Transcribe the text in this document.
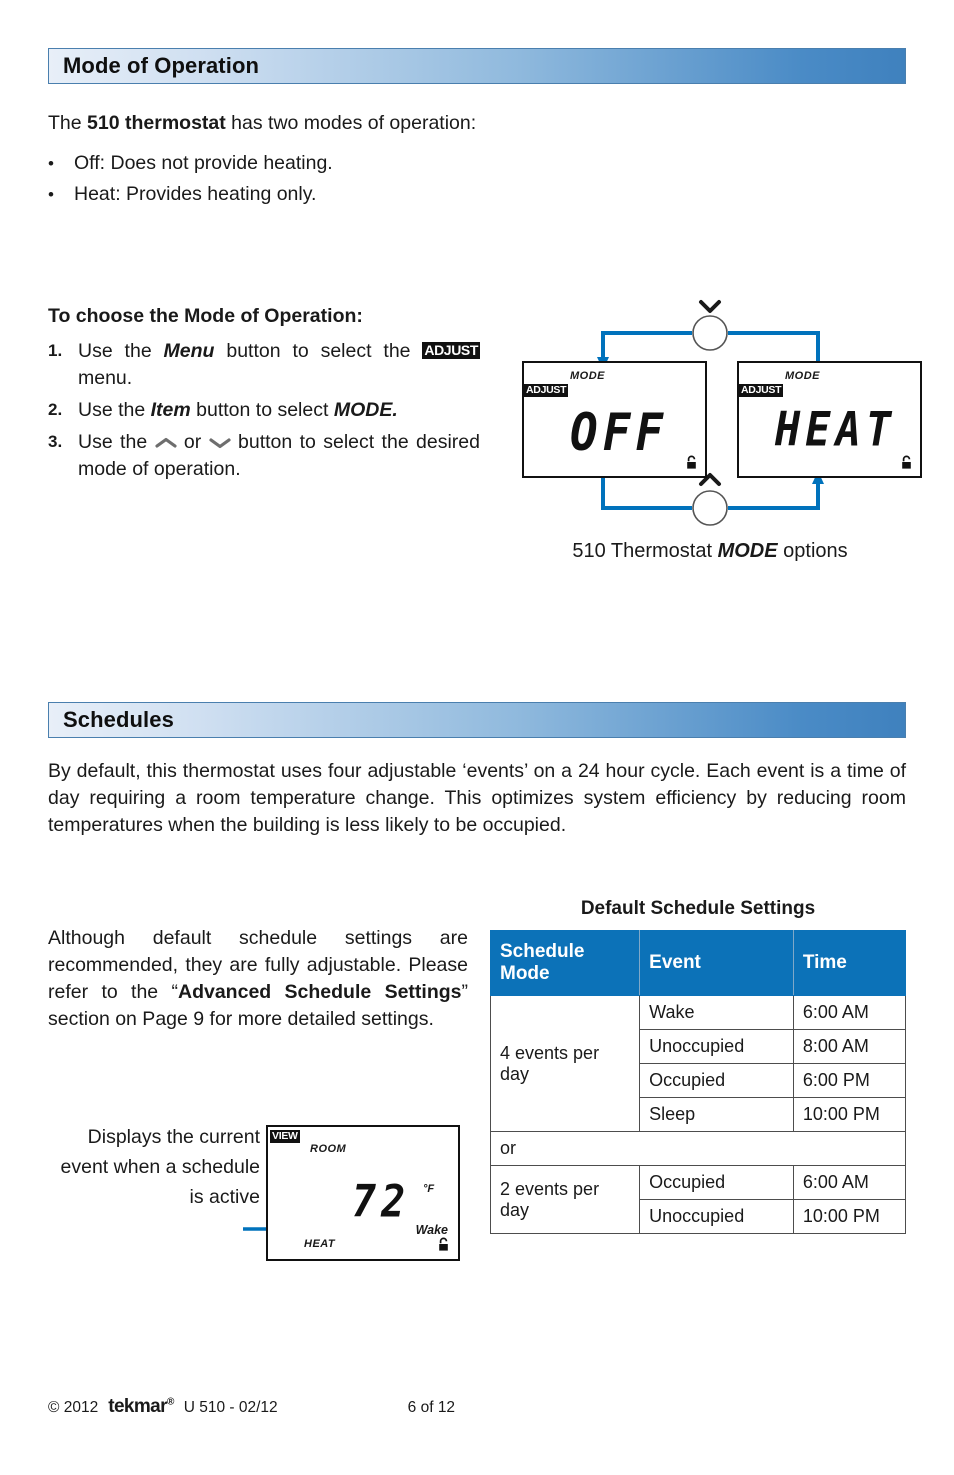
Mode of Operation
The 510 thermostat has two modes of operation:
•	Off: Does not provide heating.
•	Heat: Provides heating only.
To choose the Mode of Operation:
1. Use the Menu button to select the ADJUST menu.
2. Use the Item button to select MODE.
3. Use the  or  button to select the desired mode of operation.
MODE
ADJUST
OFF
MODE
ADJUST
HEAT
510 Thermostat MODE options
Schedules
By default, this thermostat uses four adjustable ‘events’ on a 24 hour cycle. Each event is a time of day requiring a room temperature change. This optimizes system efficiency by reducing room temperatures when the building is less likely to be occupied.
Although default schedule settings are recommended, they are fully adjustable. Please refer to the “Advanced Schedule Settings” section on Page 9 for more detailed settings.
Default Schedule Settings
Schedule Mode	Event	Time
4 events per day	Wake	6:00 AM
	Unoccupied	8:00 AM
	Occupied	6:00 PM
	Sleep	10:00 PM
or		
2 events per day	Occupied	6:00 AM
	Unoccupied	10:00 PM
Displays the current event when a schedule is active
VIEW
ROOM
72 °F
Wake
HEAT
© 2012 tekmar® U 510 - 02/12	6 of 12
